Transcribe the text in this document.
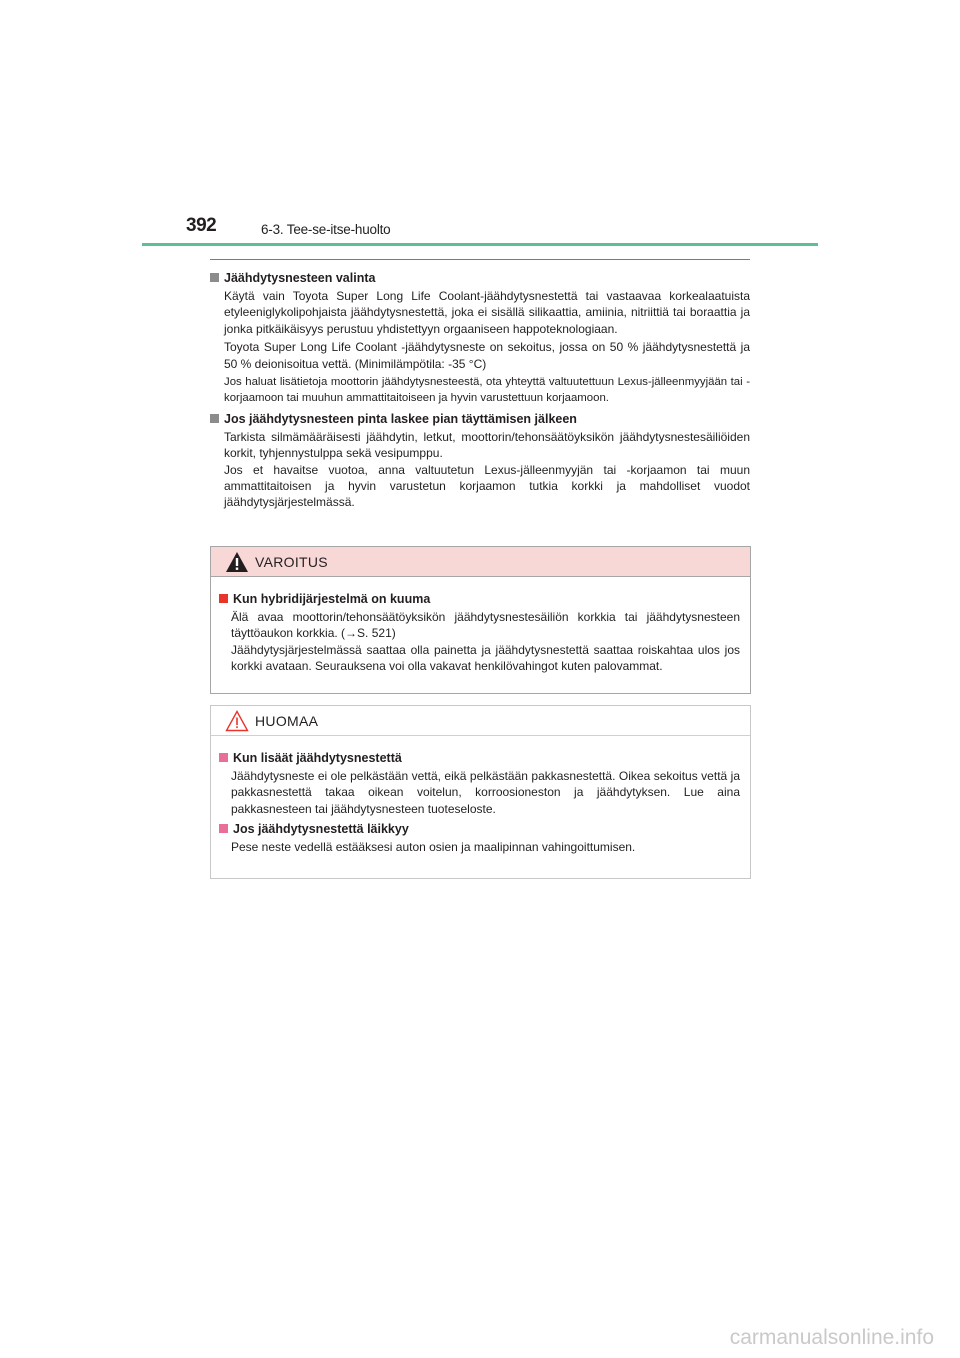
392	6-3. Tee-se-itse-huolto
Jäähdytysnesteen valinta
Käytä vain Toyota Super Long Life Coolant-jäähdytysnestettä tai vastaavaa korkealaatuista etyleeniglykolipohjaista jäähdytysnestettä, joka ei sisällä silikaattia, amiinia, nitriittiä tai boraattia ja jonka pitkäikäisyys perustuu yhdistettyyn orgaaniseen happoteknologiaan.
Toyota Super Long Life Coolant -jäähdytysneste on sekoitus, jossa on 50 % jäähdytysnestettä ja 50 % deionisoitua vettä. (Minimilämpötila: -35 °C)
Jos haluat lisätietoja moottorin jäähdytysnesteestä, ota yhteyttä valtuutettuun Lexus-jälleenmyyjään tai -korjaamoon tai muuhun ammattitaitoiseen ja hyvin varustettuun korjaamoon.
Jos jäähdytysnesteen pinta laskee pian täyttämisen jälkeen
Tarkista silmämääräisesti jäähdytin, letkut, moottorin/tehonsäätöyksikön jäähdytysnestesäiliöiden korkit, tyhjennystulppa sekä vesipumppu.
Jos et havaitse vuotoa, anna valtuutetun Lexus-jälleenmyyjän tai -korjaamon tai muun ammattitaitoisen ja hyvin varustetun korjaamon tutkia korkki ja mahdolliset vuodot jäähdytysjärjestelmässä.
VAROITUS
Kun hybridijärjestelmä on kuuma
Älä avaa moottorin/tehonsäätöyksikön jäähdytysnestesäiliön korkkia tai jäähdytysnesteen täyttöaukon korkkia. (→S. 521)
Jäähdytysjärjestelmässä saattaa olla painetta ja jäähdytysnestettä saattaa roiskahtaa ulos jos korkki avataan. Seurauksena voi olla vakavat henkilövahingot kuten palovammat.
HUOMAA
Kun lisäät jäähdytysnestettä
Jäähdytysneste ei ole pelkästään vettä, eikä pelkästään pakkasnestettä. Oikea sekoitus vettä ja pakkasnestettä takaa oikean voitelun, korroosioneston ja jäähdytyksen. Lue aina pakkasnesteen tai jäähdytysnesteen tuoteseloste.
Jos jäähdytysnestettä läikkyy
Pese neste vedellä estääksesi auton osien ja maalipinnan vahingoittumisen.
carmanualsonline.info
